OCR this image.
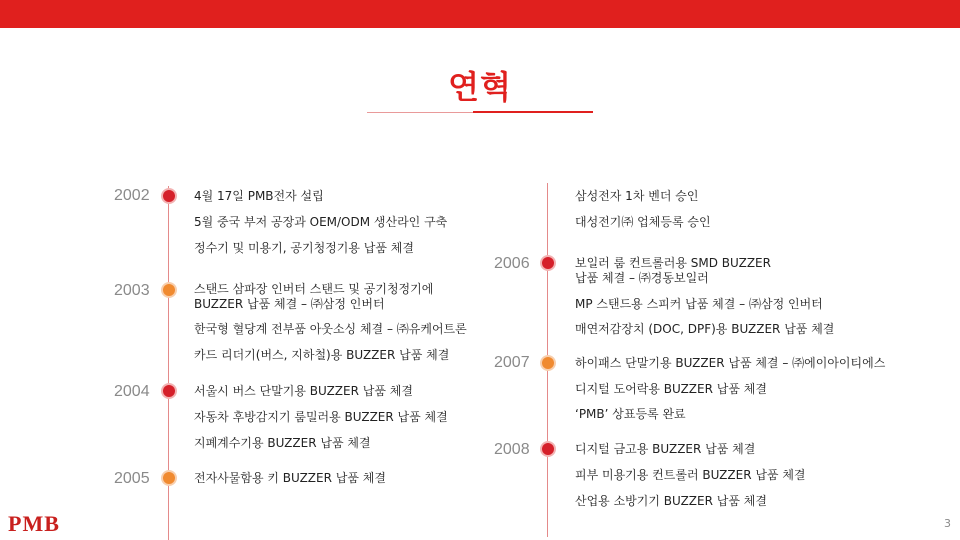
연혁
2002	4월 17일 PMB전자 설립
5월 중국 부저 공장과 OEM/ODM 생산라인 구축
정수기 및 미용기, 공기청정기용 납품 체결
2003	스탠드 삼파장 인버터 스탠드 및 공기청정기에
BUZZER 납품 체결 – ㈜삼정 인버터
한국형 혈당계 전부품 아웃소싱 체결 – ㈜유케어트론
카드 리더기(버스, 지하철)용 BUZZER 납품 체결
2004	서울시 버스 단말기용 BUZZER 납품 체결
자동차 후방감지기 룸밀러용 BUZZER 납품 체결
지폐계수기용 BUZZER 납품 체결
2005	전자사물함용 키 BUZZER 납품 체결
삼성전자 1차 벤더 승인
대성전기㈜ 업체등록 승인
2006	보일러 룸 컨트롤러용 SMD BUZZER
납품 체결 – ㈜경동보일러
MP 스탠드용 스피커 납품 체결 – ㈜삼정 인버터
매연저감장치 (DOC, DPF)용 BUZZER 납품 체결
2007	하이패스 단말기용 BUZZER 납품 체결 – ㈜에이아이티에스
디지털 도어락용 BUZZER 납품 체결
‘PMB’ 상표등록 완료
2008	디지털 금고용 BUZZER 납품 체결
피부 미용기용 컨트롤러 BUZZER 납품 체결
산업용 소방기기 BUZZER 납품 체결
PMB	3
